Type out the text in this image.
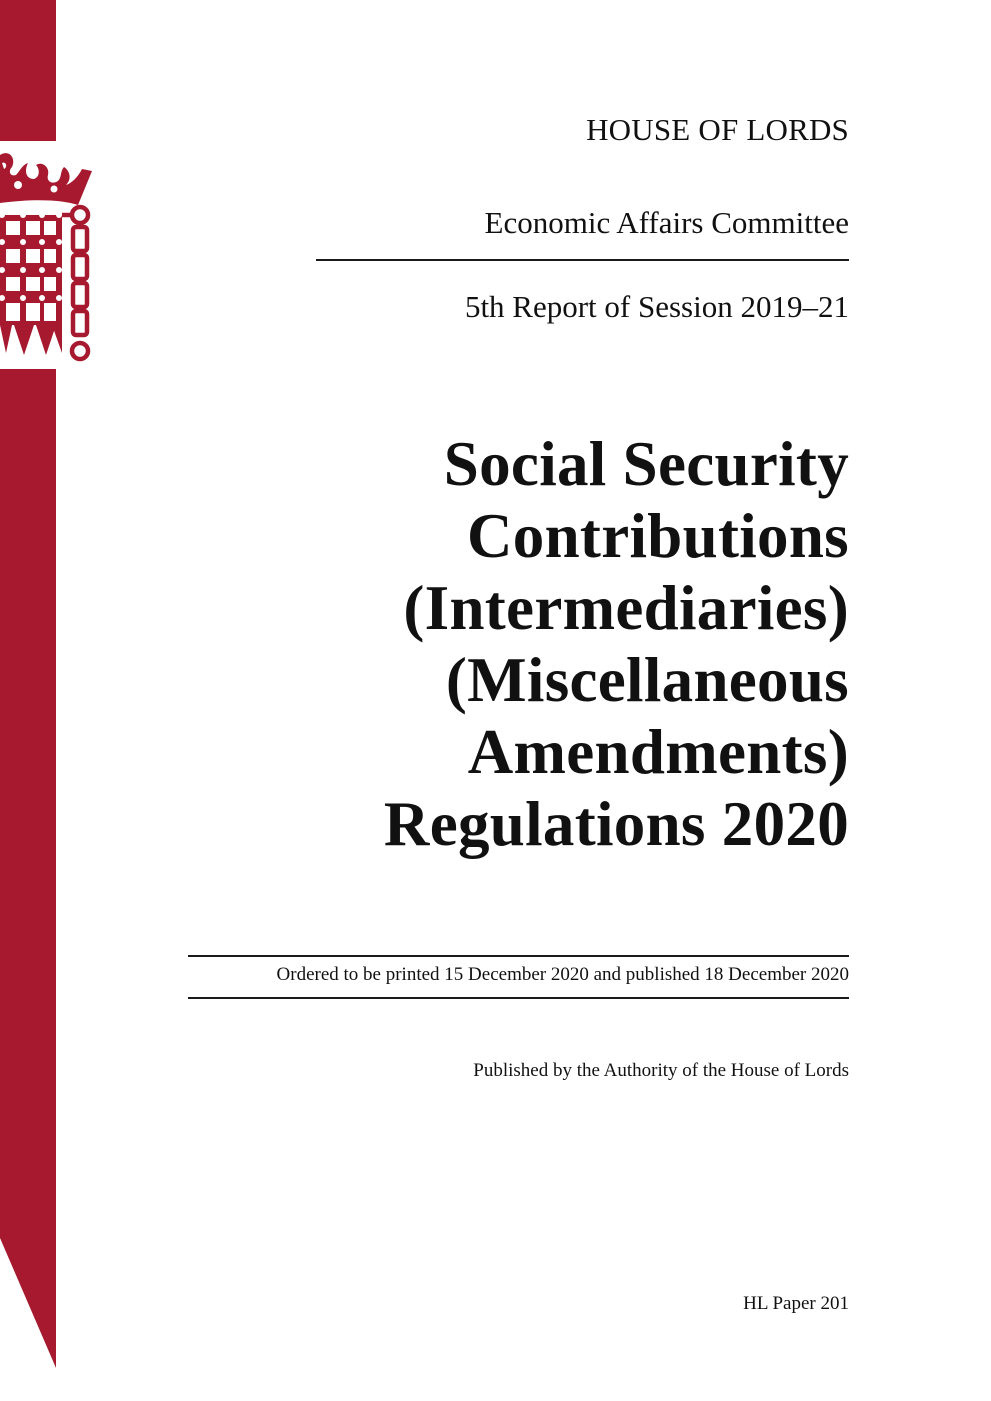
HOUSE OF LORDS
Economic Affairs Committee
5th Report of Session 2019–21
Social Security
Contributions
(Intermediaries)
(Miscellaneous
Amendments)
Regulations 2020
Ordered to be printed 15 December 2020 and published 18 December 2020
Published by the Authority of the House of Lords
HL Paper 201
